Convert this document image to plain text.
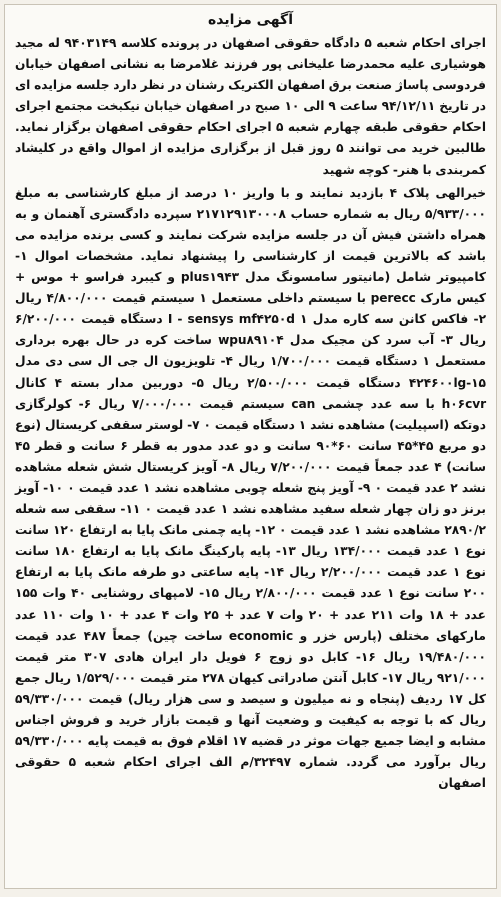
آگهی مزایده

اجرای احکام شعبه ۵ دادگاه حقوقی اصفهان در پرونده کلاسه ۹۴۰۳۱۴۹ له مجید هوشیاری علیه محمدرضا علیخانی پور فرزند غلامرضا به نشانی اصفهان خیابان فردوسی پاساژ صنعت برق اصفهان الکتریک رشنان در نظر دارد جلسه مزایده ای در تاریخ ۹۴/۱۲/۱۱ ساعت ۹ الی ۱۰ صبح در اصفهان خیابان نیکبخت مجتمع اجرای احکام حقوقی طبقه چهارم شعبه ۵ اجرای احکام حقوقی اصفهان برگزار نماید. طالبین خرید می توانند ۵ روز قبل از برگزاری مزایده از اموال واقع در کلیشاد کمربندی با هنر- کوچه شهید

خیرالهی پلاک ۴ بازدید نمایند و با واریز ۱۰ درصد از مبلغ کارشناسی به مبلغ ۵/۹۳۳/۰۰۰ ریال به شماره حساب ۲۱۷۱۲۹۱۳۰۰۰۸ سپرده دادگستری آهنمان و به همراه داشتن فیش آن در جلسه مزایده شرکت نمایند و کسی برنده مزایده می باشد که بالاترین قیمت از کارشناسی را پیشنهاد نماید. مشخصات اموال ۱- کامپیوتر شامل (مانیتور سامسونگ مدل plus۱۹۴۳ و کیبرد فراسو + موس + کیس مارک perecc با سیستم داخلی مستعمل ۱ سیستم قیمت ۴/۸۰۰/۰۰۰ ریال ۲- فاکس کانن سه کاره مدل I - sensys mf۴۲۵۰d ۱ دستگاه قیمت ۶/۲۰۰/۰۰۰ ریال ۳- آب سرد کن مجیک مدل wpu۸۹۱۰۴ ساخت کره در حال بهره برداری مستعمل ۱ دستگاه قیمت ۱/۷۰۰/۰۰۰ ریال ۴- تلویزیون ال جی ال سی دی مدل ۴۲۴۶۰۰lg-۱۵ دستگاه قیمت ۲/۵۰۰/۰۰۰ ریال ۵- دوربین مدار بسته ۴ کانال h۰۶cvr با سه عدد چشمی can سیستم قیمت ۷/۰۰۰/۰۰۰ ریال ۶- کولرگازی دوتکه (اسپیلیت) مشاهده نشد ۱ دستگاه قیمت ۰ ۷- لوستر سقفی کریستال (نوع دو مربع ۴۵*۴۵ سانت ۶۰*۹۰ سانت و دو عدد مدور به قطر ۶ سانت و قطر ۴۵ سانت) ۴ عدد جمعاً قیمت ۷/۲۰۰/۰۰۰ ریال ۸- آویز کریستال شش شعله مشاهده نشد ۲ عدد قیمت ۰ ۹- آویز پنج شعله چوبی مشاهده نشد ۱ عدد قیمت ۰ ۱۰- آویز برنز دو زان چهار شعله سفید مشاهده نشد ۱ عدد قیمت ۰ ۱۱- سقفی سه شعله ۲۸۹۰/۲ مشاهده نشد ۱ عدد قیمت ۰ ۱۲- پایه چمنی مانک پایا به ارتفاع ۱۲۰ سانت نوع ۱ عدد قیمت ۱۳۴/۰۰۰ ریال ۱۳- پایه پارکینگ مانک پایا به ارتفاع ۱۸۰ سانت نوع ۱ عدد قیمت ۲/۲۰۰/۰۰۰ ریال ۱۴- پایه ساعتی دو طرفه مانک پایا به ارتفاع ۲۰۰ سانت نوع ۱ عدد قیمت ۲/۸۰۰/۰۰۰ ریال ۱۵- لامپهای روشنایی ۴۰ وات ۱۵۵ عدد + ۱۸ وات ۲۱۱ عدد + ۲۰ وات ۷ عدد + ۲۵ وات ۴ عدد + ۱۰ وات ۱۱۰ عدد مارکهای مختلف (پارس خزر و economic ساخت چین) جمعاً ۴۸۷ عدد قیمت ۱۹/۴۸۰/۰۰۰ ریال ۱۶- کابل دو زوج ۶ فویل دار ایران هادی ۳۰۷ متر قیمت ۹۲۱/۰۰۰ ریال ۱۷- کابل آنتن صادراتی کیهان ۲۷۸ متر قیمت ۱/۵۲۹/۰۰۰ ریال جمع کل ۱۷ ردیف (پنجاه و نه میلیون و سیصد و سی هزار ریال) قیمت ۵۹/۳۳۰/۰۰۰ ریال که با توجه به کیفیت و وضعیت آنها و قیمت بازار خرید و فروش اجناس مشابه و ایضا جمیع جهات موثر در قضیه ۱۷ اقلام فوق به قیمت پایه ۵۹/۳۳۰/۰۰۰ ریال برآورد می گردد. شماره ۳۲۴۹۷/م الف اجرای احکام شعبه ۵ حقوقی اصفهان
